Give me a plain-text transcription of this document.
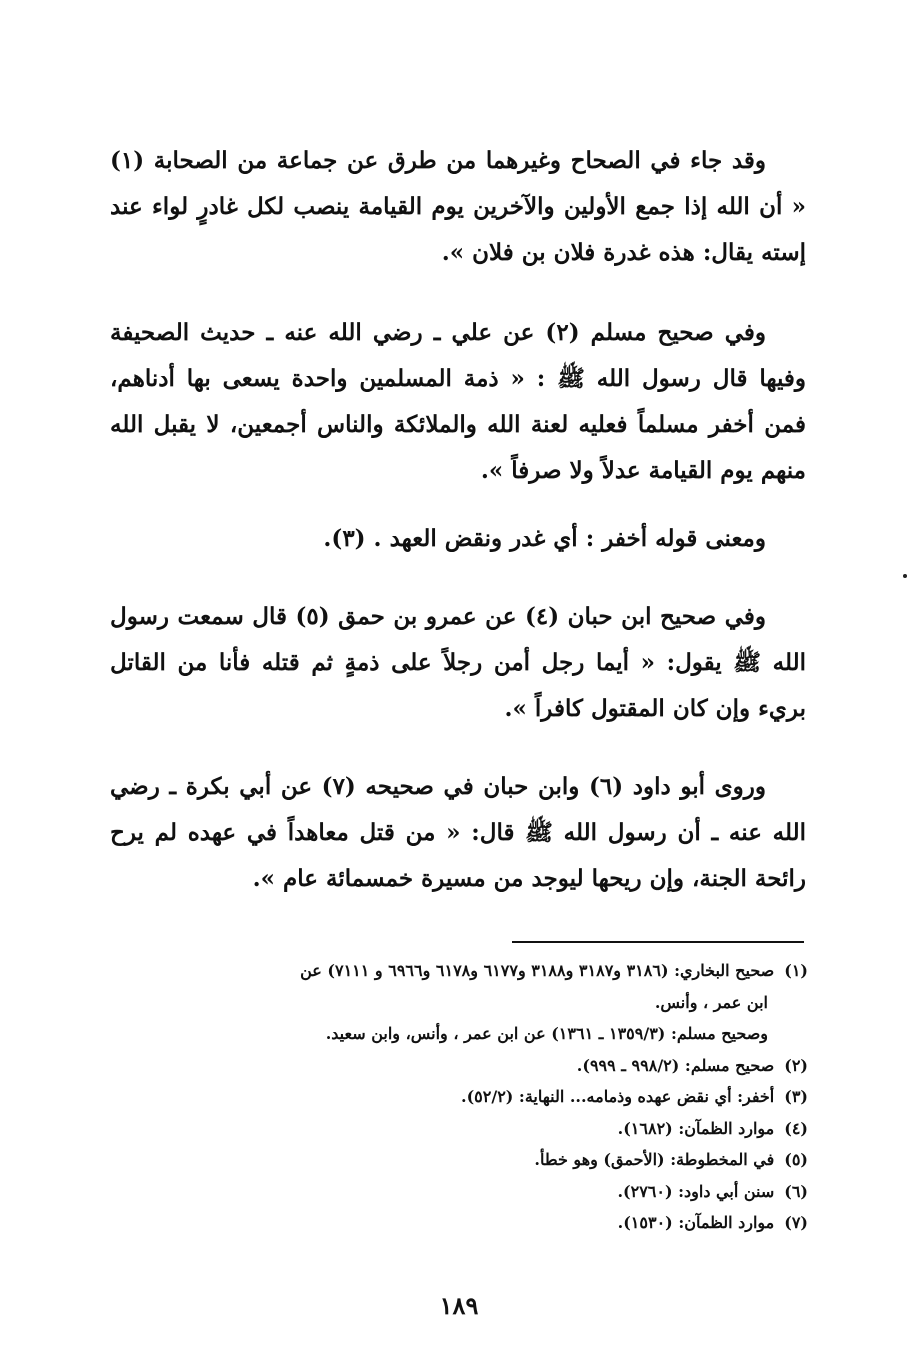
وقد جاء في الصحاح وغيرهما من طرق عن جماعة من الصحابة (١) « أن الله إذا جمع الأولين والآخرين يوم القيامة ينصب لكل غادرٍ لواء عند إسته يقال: هذه غدرة فلان بن فلان ».

وفي صحيح مسلم (٢) عن علي ـ رضي الله عنه ـ حديث الصحيفة وفيها قال رسول الله ﷺ : « ذمة المسلمين واحدة يسعى بها أدناهم، فمن أخفر مسلماً فعليه لعنة الله والملائكة والناس أجمعين، لا يقبل الله منهم يوم القيامة عدلاً ولا صرفاً ».

ومعنى قوله أخفر : أي غدر ونقض العهد . (٣).

وفي صحيح ابن حبان (٤) عن عمرو بن حمق (٥) قال سمعت رسول الله ﷺ يقول: « أيما رجل أمن رجلاً على ذمةٍ ثم قتله فأنا من القاتل بريء وإن كان المقتول كافراً ».

وروى أبو داود (٦) وابن حبان في صحيحه (٧) عن أبي بكرة ـ رضي الله عنه ـ أن رسول الله ﷺ قال: « من قتل معاهداً في عهده لم يرح رائحة الجنة، وإن ريحها ليوجد من مسيرة خمسمائة عام ».

(١)صحيح البخاري: (٣١٨٦ و٣١٨٧ و٣١٨٨ و٦١٧٧ و٦١٧٨ و٦٩٦٦ و ٧١١١) عن

ابن عمر ، وأنس.

وصحيح مسلم: (١٣٥٩/٣ ـ ١٣٦١) عن ابن عمر ، وأنس، وابن سعيد.

(٢)صحيح مسلم: (٩٩٨/٢ ـ ٩٩٩).

(٣)أخفر: أي نقض عهده وذمامه... النهاية: (٥٢/٢).

(٤)موارد الظمآن: (١٦٨٢).

(٥)في المخطوطة: (الأحمق) وهو خطأ.

(٦)سنن أبي داود: (٢٧٦٠).

(٧)موارد الظمآن: (١٥٣٠).

١٨٩
